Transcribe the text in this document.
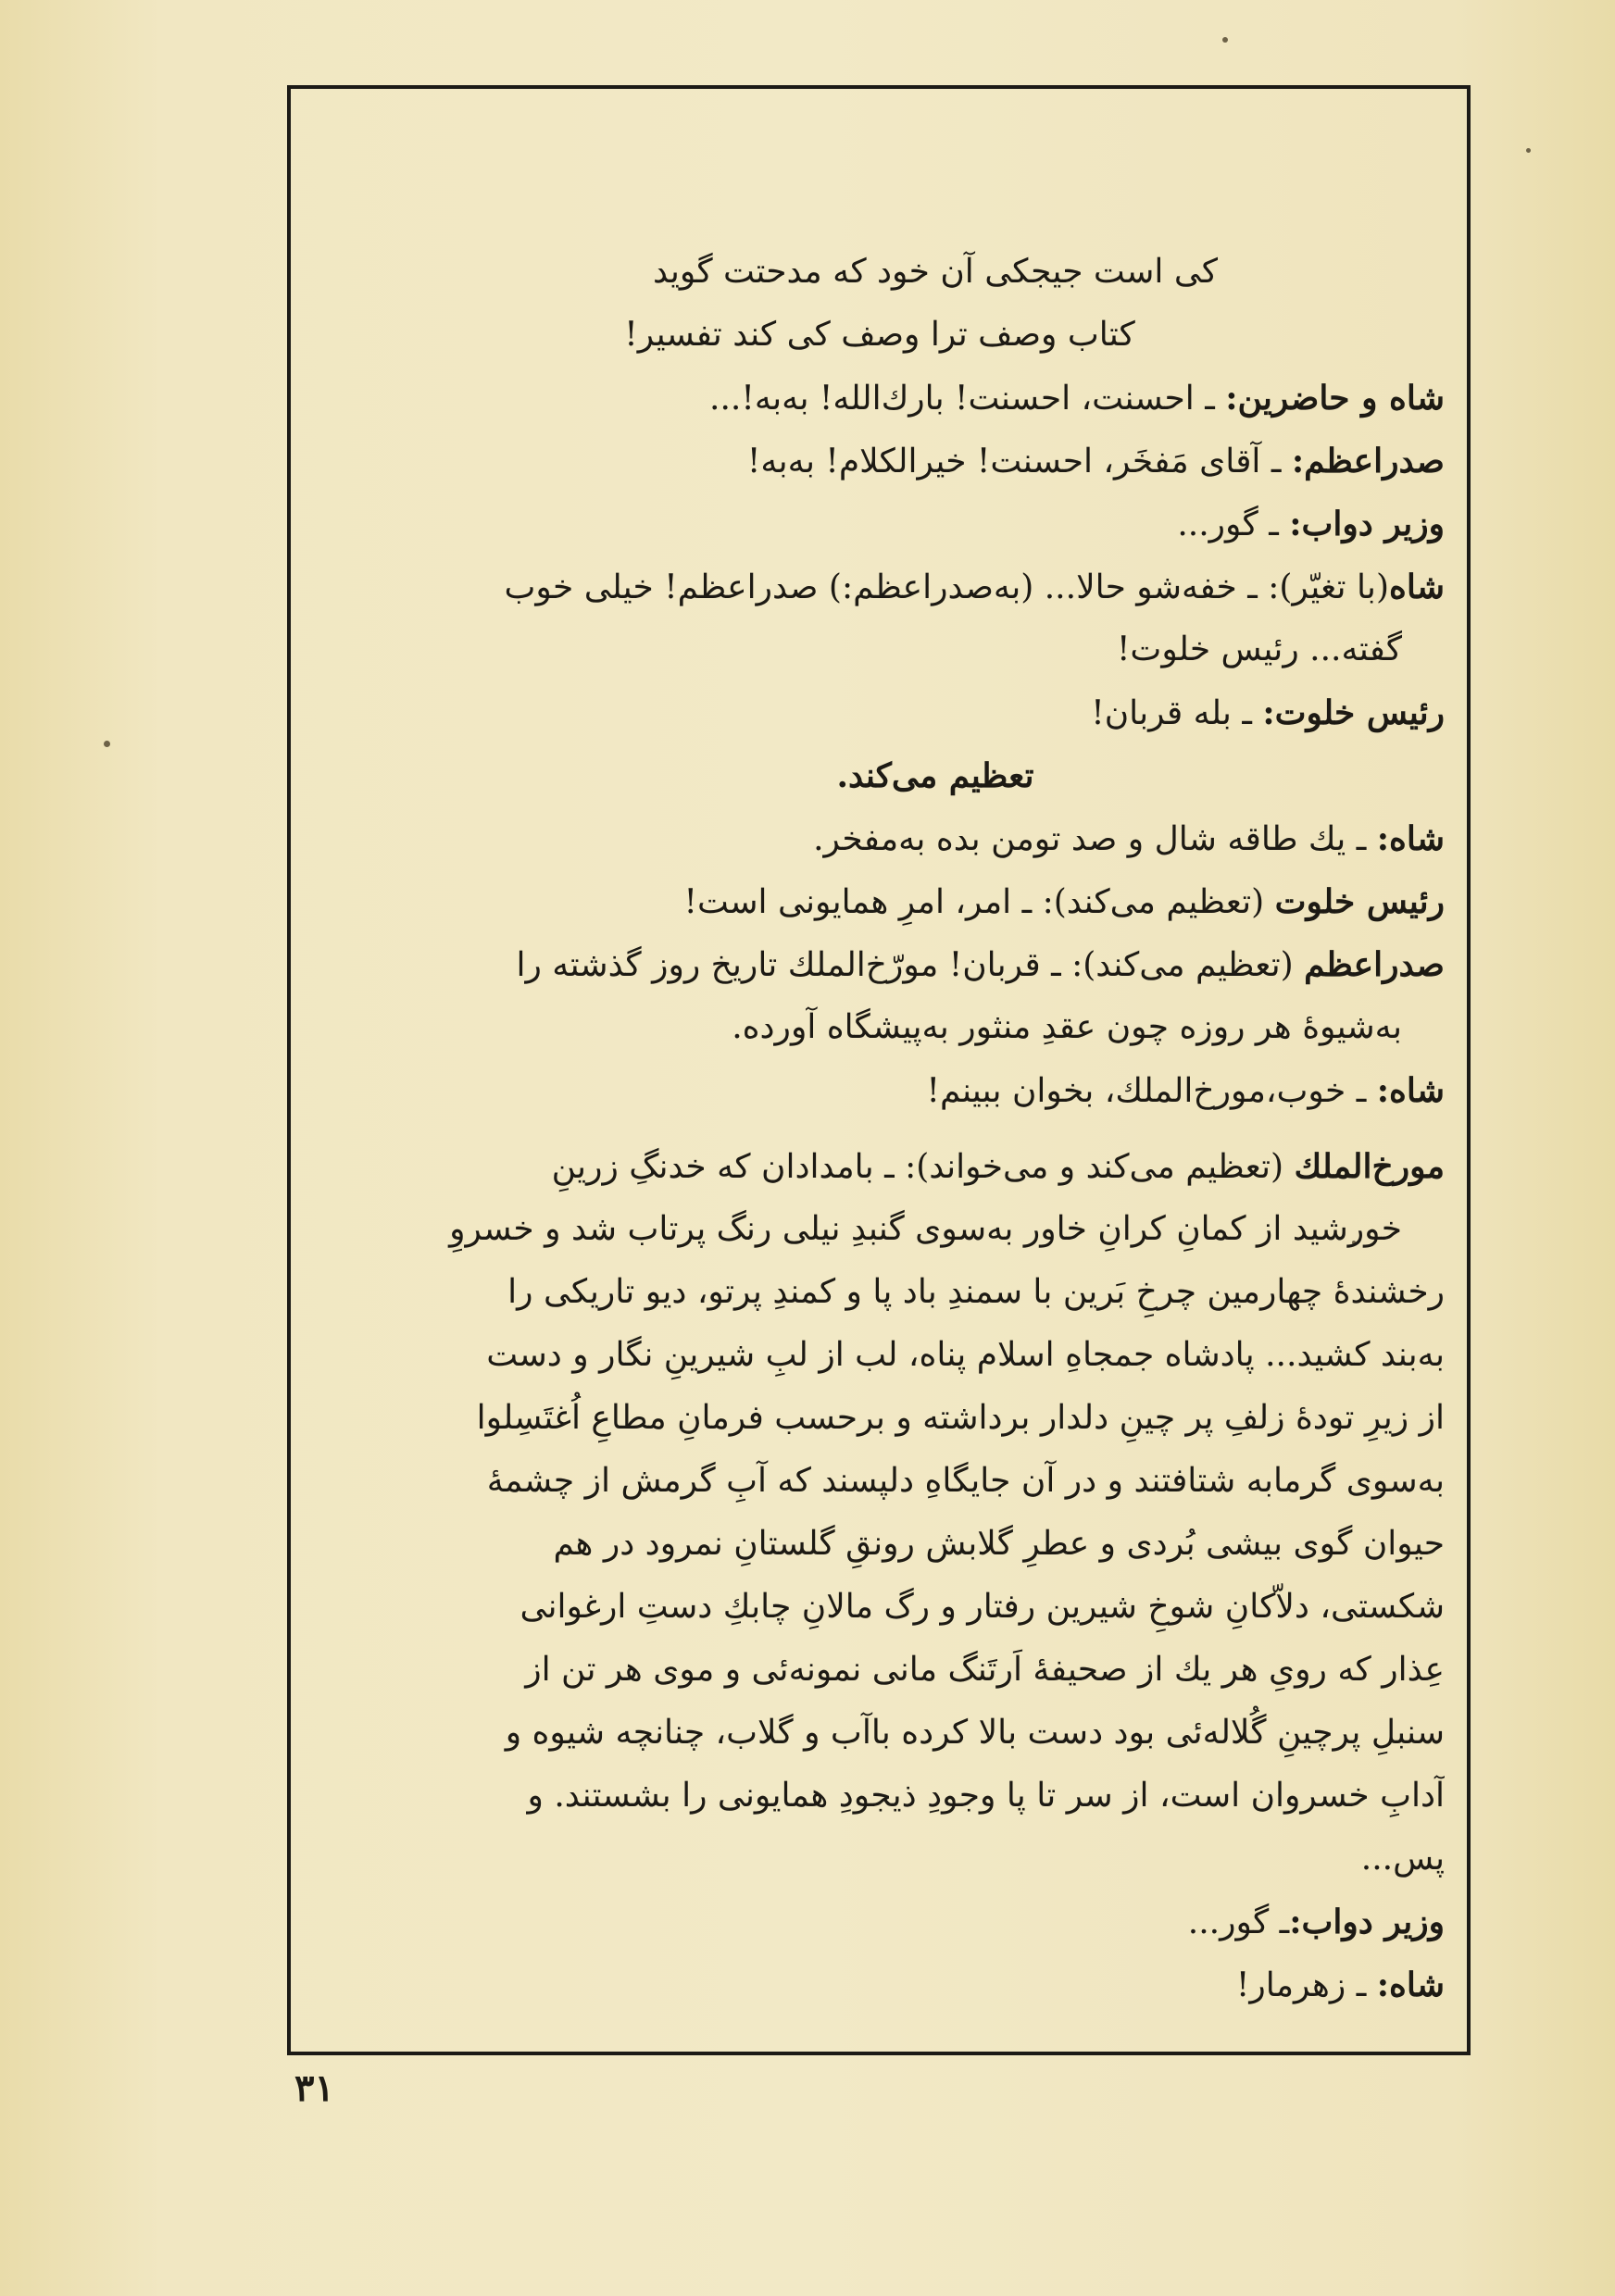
کی است جیجکی آن خود که مدحتت گوید
کتاب وصف ترا وصف کی کند تفسیر!
شاه و حاضرین: ـ احسنت، احسنت! بارك‌الله! به‌به!...
صدراعظم: ـ آقای مَفخَر، احسنت! خیرالکلام! به‌به!
وزیر دواب: ـ گور...
شاه(با تغیّر): ـ خفه‌شو حالا... (به‌صدراعظم:) صدراعظم! خیلی خوب
گفته... رئیس خلوت!
رئیس خلوت: ـ بله قربان!
تعظیم می‌کند.
شاه: ـ یك طاقه شال و صد تومن بده به‌مفخر.
رئیس خلوت (تعظیم می‌کند): ـ امر، امرِ همایونی است!
صدراعظم (تعظیم می‌کند): ـ قربان! مورّخ‌الملك تاریخ روز گذشته را
به‌شیوهٔ هر روزه چون عقدِ منثور به‌پیشگاه آورده.
شاه: ـ خوب،مورخ‌الملك، بخوان ببینم!
مورخ‌الملك (تعظیم می‌کند و می‌خواند): ـ بامدادان که خدنگِ زرینِ
خورشید از کمانِ کرانِ خاور به‌سوی گنبدِ نیلی رنگ پرتاب شد و خسروِ
رخشندهٔ چهارمین چرخِ بَرین با سمندِ باد پا و کمندِ پرتو، دیو تاریکی را
به‌بند کشید... پادشاه جمجاهِ اسلام پناه، لب از لبِ شیرینِ نگار و دست
از زیرِ تودهٔ زلفِ پر چینِ دلدار برداشته و برحسب فرمانِ مطاعِ اُغتَسِلوا
به‌سوی گرمابه شتافتند و در آن جایگاهِ دلپسند که آبِ گرمش از چشمهٔ
حیوان گوی بیشی بُردی و عطرِ گلابش رونقِ گلستانِ نمرود در هم
شکستی، دلاّکانِ شوخِ شیرین رفتار و رگ مالانِ چابكِ دستِ ارغوانی
عِذار که رویِ هر یك از صحیفهٔ اَرتَنگ مانی نمونه‌ئی و موی هر تن از
سنبلِ پرچینِ گُلاله‌ئی بود دست بالا کرده باآب و گلاب، چنانچه شیوه و
آدابِ خسروان است، از سر تا پا وجودِ ذیجودِ همایونی را بشستند. و
پس...
وزیر دواب:ـ گور...
شاه: ـ زهرمار!
۳۱
